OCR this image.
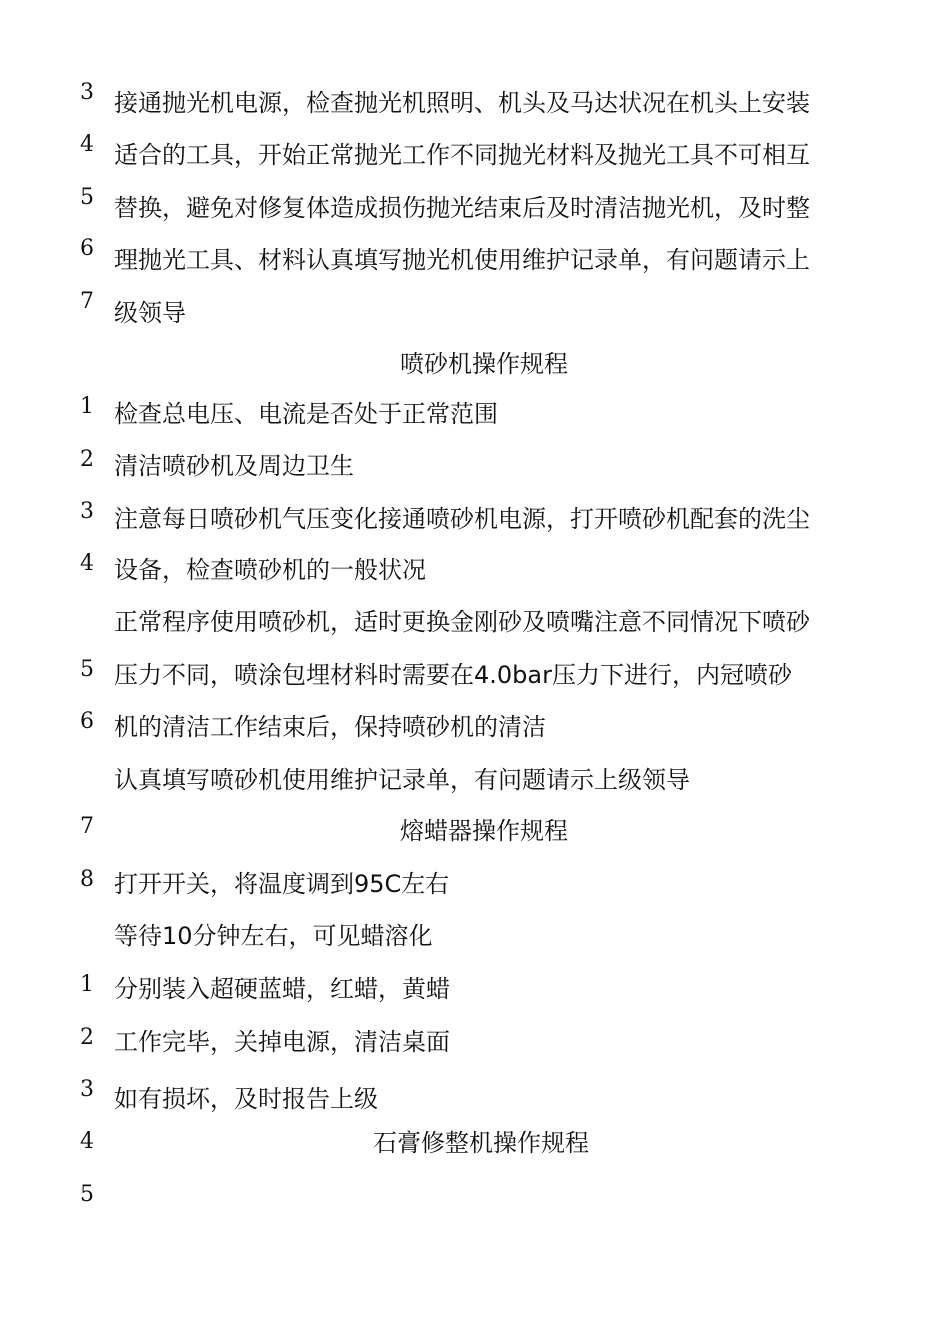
3
4
5
6
7
1
2
3
4
5
6
7
8
1
2
3
4
5
接通抛光机电源，检查抛光机照明、机头及马达状况在机头上安装
适合的工具，开始正常抛光工作不同抛光材料及抛光工具不可相互
替换，避免对修复体造成损伤抛光结束后及时清洁抛光机，及时整
理抛光工具、材料认真填写抛光机使用维护记录单，有问题请示上
级领导
喷砂机操作规程
检查总电压、电流是否处于正常范围
清洁喷砂机及周边卫生
注意每日喷砂机气压变化接通喷砂机电源，打开喷砂机配套的洗尘
设备，检查喷砂机的一般状况
正常程序使用喷砂机，适时更换金刚砂及喷嘴注意不同情况下喷砂
压力不同，喷涂包埋材料时需要在4.0bar压力下进行，内冠喷砂
机的清洁工作结束后，保持喷砂机的清洁
认真填写喷砂机使用维护记录单，有问题请示上级领导
熔蜡器操作规程
打开开关，将温度调到95C左右
等待10分钟左右，可见蜡溶化
分别装入超硬蓝蜡，红蜡，黄蜡
工作完毕，关掉电源，清洁桌面
如有损坏，及时报告上级
石膏修整机操作规程
